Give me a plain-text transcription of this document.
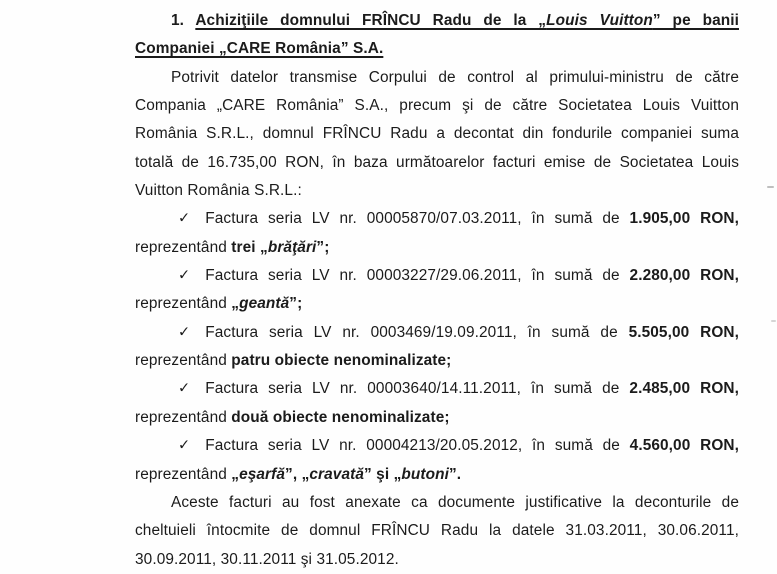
1. Achiziţiile domnului FRÎNCU Radu de la „Louis Vuitton” pe banii
Companiei „CARE România” S.A.
Potrivit datelor transmise Corpului de control al primului-ministru de către
Compania „CARE România” S.A., precum şi de către Societatea Louis Vuitton
România S.R.L., domnul FRÎNCU Radu a decontat din fondurile companiei suma
totală de 16.735,00 RON, în baza următoarelor facturi emise de Societatea Louis
Vuitton România S.R.L.:
✓ Factura seria LV nr. 00005870/07.03.2011, în sumă de 1.905,00 RON,
reprezentând trei „brăţări”;
✓ Factura seria LV nr. 00003227/29.06.2011, în sumă de 2.280,00 RON,
reprezentând „geantă”;
✓ Factura seria LV nr. 0003469/19.09.2011, în sumă de 5.505,00 RON,
reprezentând patru obiecte nenominalizate;
✓ Factura seria LV nr. 00003640/14.11.2011, în sumă de 2.485,00 RON,
reprezentând două obiecte nenominalizate;
✓ Factura seria LV nr. 00004213/20.05.2012, în sumă de 4.560,00 RON,
reprezentând „eşarfă”, „cravată” şi „butoni”.
Aceste facturi au fost anexate ca documente justificative la deconturile de
cheltuieli întocmite de domnul FRÎNCU Radu la datele 31.03.2011, 30.06.2011,
30.09.2011, 30.11.2011 şi 31.05.2012.
